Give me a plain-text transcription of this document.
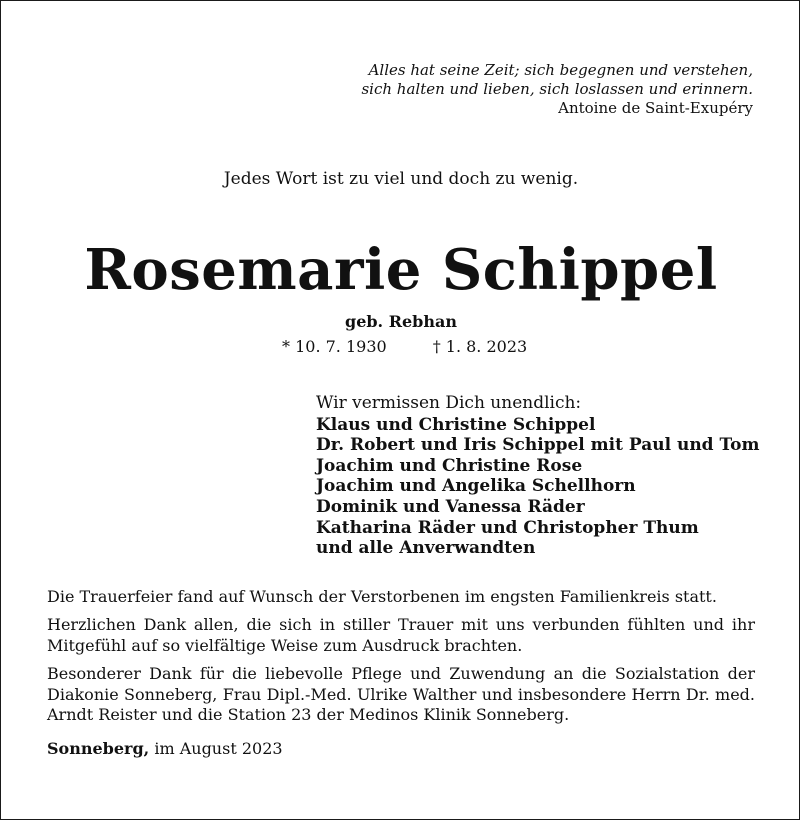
Alles hat seine Zeit; sich begegnen und verstehen,
sich halten und lieben, sich loslassen und erinnern.
Antoine de Saint-Exupéry
Jedes Wort ist zu viel und doch zu wenig.
Rosemarie Schippel
geb. Rebhan
* 10. 7. 1930	† 1. 8. 2023
Wir vermissen Dich unendlich:
Klaus und Christine Schippel
Dr. Robert und Iris Schippel mit Paul und Tom
Joachim und Christine Rose
Joachim und Angelika Schellhorn
Dominik und Vanessa Räder
Katharina Räder und Christopher Thum
und alle Anverwandten
Die Trauerfeier fand auf Wunsch der Verstorbenen im engsten Familienkreis statt.
Herzlichen Dank allen, die sich in stiller Trauer mit uns verbunden fühlten und ihr Mitgefühl auf so vielfältige Weise zum Ausdruck brachten.
Besonderer Dank für die liebevolle Pflege und Zuwendung an die Sozialstation der Diakonie Sonneberg, Frau Dipl.-Med. Ulrike Walther und insbesondere Herrn Dr. med. Arndt Reister und die Station 23 der Medinos Klinik Sonneberg.
Sonneberg, im August 2023
